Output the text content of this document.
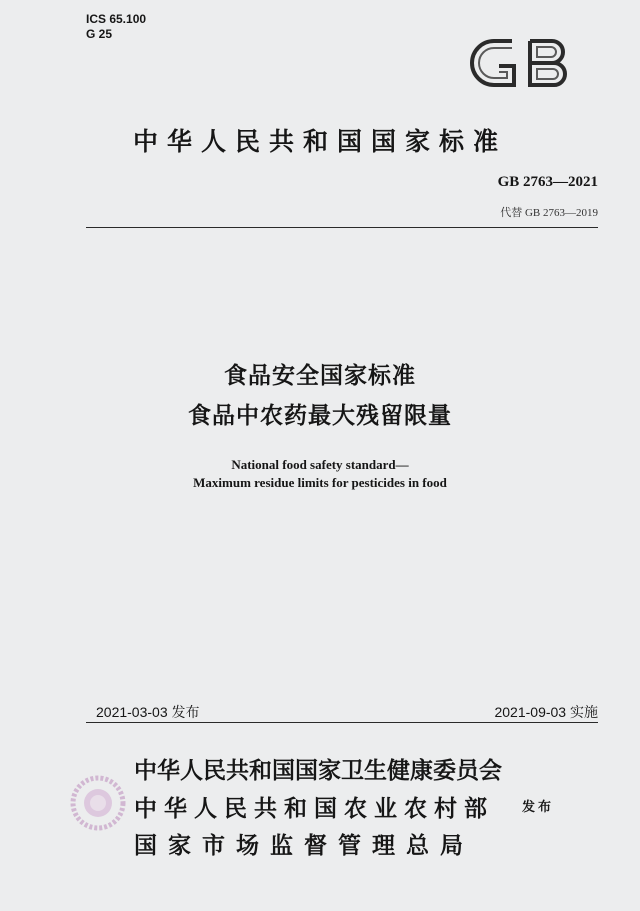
ICS 65.100
G 25
中华人民共和国国家标准
GB 2763—2021
代替 GB 2763—2019
食品安全国家标准
食品中农药最大残留限量
National food safety standard—
Maximum residue limits for pesticides in food
2021-03-03 发布	2021-09-03 实施
中华人民共和国国家卫生健康委员会
中华人民共和国农业农村部
国家市场监督管理总局
发布
